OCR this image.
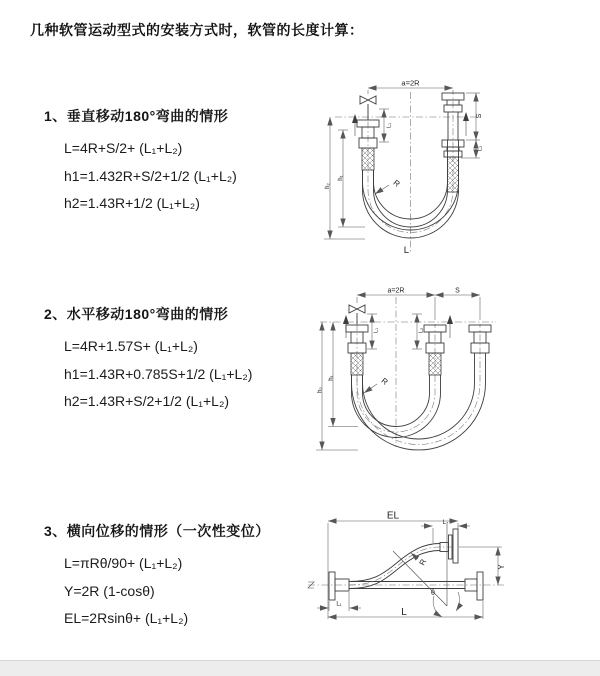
几种软管运动型式的安装方式时，软管的长度计算：
1、垂直移动180°弯曲的情形
L=4R+S/2+ (L₁+L₂)
h1=1.432R+S/2+1/2 (L₁+L₂)
h2=1.43R+1/2 (L₁+L₂)
2、水平移动180°弯曲的情形
L=4R+1.57S+ (L₁+L₂)
h1=1.43R+0.785S+1/2 (L₁+L₂)
h2=1.43R+S/2+1/2 (L₁+L₂)
3、横向位移的情形（一次性变位）
L=πRθ/90+ (L₁+L₂)
Y=2R (1-cosθ)
EL=2Rsinθ+ (L₁+L₂)
a=2R
L₁
S
L₂
h₁
h₂	R
L
a=2R	S
L₁	L₂
h₁
h₂
R
EL
L₂
θ
R
Y
L
L₁
